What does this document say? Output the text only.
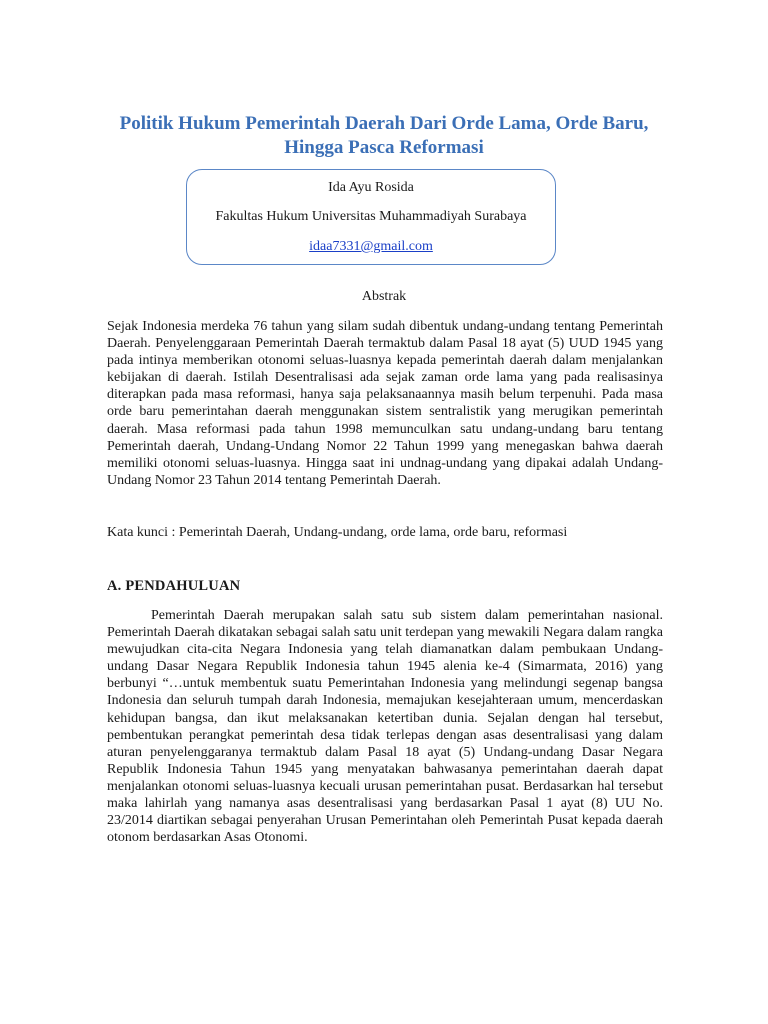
Politik Hukum Pemerintah Daerah Dari Orde Lama, Orde Baru, Hingga Pasca Reformasi
Ida Ayu Rosida
Fakultas Hukum Universitas Muhammadiyah Surabaya
idaa7331@gmail.com
Abstrak
Sejak Indonesia merdeka 76 tahun yang silam sudah dibentuk undang-undang tentang Pemerintah Daerah. Penyelenggaraan Pemerintah Daerah termaktub dalam Pasal 18 ayat (5) UUD 1945 yang pada intinya memberikan otonomi seluas-luasnya kepada pemerintah daerah dalam menjalankan kebijakan di daerah. Istilah Desentralisasi ada sejak zaman orde lama yang pada realisasinya diterapkan pada masa reformasi, hanya saja pelaksanaannya masih belum terpenuhi. Pada masa orde baru pemerintahan daerah menggunakan sistem sentralistik yang merugikan pemerintah daerah. Masa reformasi pada tahun 1998 memunculkan satu undang-undang baru tentang Pemerintah daerah, Undang-Undang Nomor 22 Tahun 1999 yang menegaskan bahwa daerah memiliki otonomi seluas-luasnya. Hingga saat ini undnag-undang yang dipakai adalah Undang-Undang Nomor 23 Tahun 2014 tentang Pemerintah Daerah.
Kata kunci : Pemerintah Daerah, Undang-undang, orde lama, orde baru, reformasi
A. PENDAHULUAN
Pemerintah Daerah merupakan salah satu sub sistem dalam pemerintahan nasional. Pemerintah Daerah dikatakan sebagai salah satu unit terdepan yang mewakili Negara dalam rangka mewujudkan cita-cita Negara Indonesia yang telah diamanatkan dalam pembukaan Undang-undang Dasar Negara Republik Indonesia tahun 1945 alenia ke-4 (Simarmata, 2016) yang berbunyi “…untuk membentuk suatu Pemerintahan Indonesia yang melindungi segenap bangsa Indonesia dan seluruh tumpah darah Indonesia, memajukan kesejahteraan umum, mencerdaskan kehidupan bangsa, dan ikut melaksanakan ketertiban dunia. Sejalan dengan hal tersebut, pembentukan perangkat pemerintah desa tidak terlepas dengan asas desentralisasi yang dalam aturan penyelenggaranya termaktub dalam Pasal 18 ayat (5) Undang-undang Dasar Negara Republik Indonesia Tahun 1945 yang menyatakan bahwasanya pemerintahan daerah dapat menjalankan otonomi seluas-luasnya kecuali urusan pemerintahan pusat. Berdasarkan hal tersebut maka lahirlah yang namanya asas desentralisasi yang berdasarkan Pasal 1 ayat (8) UU No. 23/2014 diartikan sebagai penyerahan Urusan Pemerintahan oleh Pemerintah Pusat kepada daerah otonom berdasarkan Asas Otonomi.
